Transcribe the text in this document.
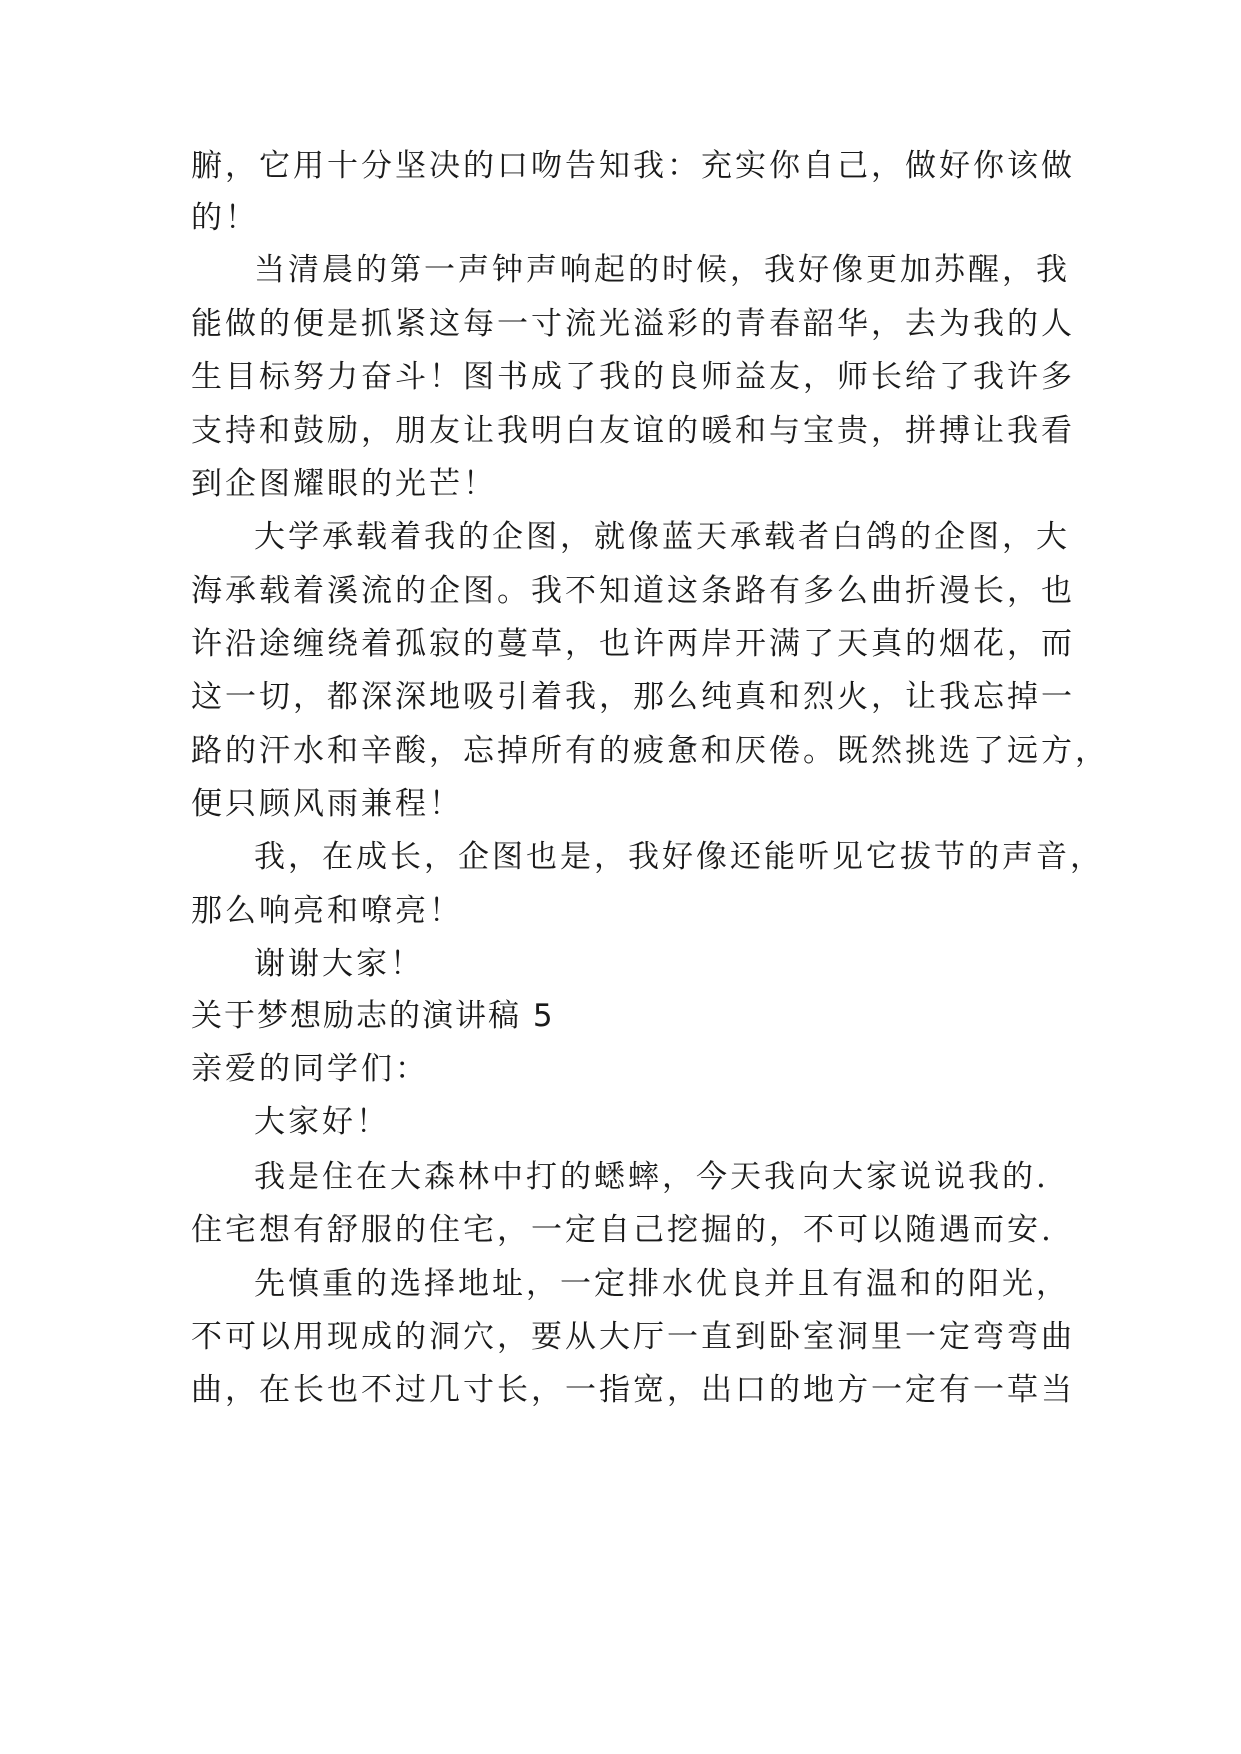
腑，它用十分坚决的口吻告知我：充实你自己，做好你该做
的！
当清晨的第一声钟声响起的时候，我好像更加苏醒，我
能做的便是抓紧这每一寸流光溢彩的青春韶华，去为我的人
生目标努力奋斗！图书成了我的良师益友，师长给了我许多
支持和鼓励，朋友让我明白友谊的暖和与宝贵，拼搏让我看
到企图耀眼的光芒！
大学承载着我的企图，就像蓝天承载者白鸽的企图，大
海承载着溪流的企图。我不知道这条路有多么曲折漫长，也
许沿途缠绕着孤寂的蔓草，也许两岸开满了天真的烟花，而
这一切，都深深地吸引着我，那么纯真和烈火，让我忘掉一
路的汗水和辛酸，忘掉所有的疲惫和厌倦。既然挑选了远方，
便只顾风雨兼程！
我，在成长，企图也是，我好像还能听见它拔节的声音，
那么响亮和嘹亮！
谢谢大家！
关于梦想励志的演讲稿 5
亲爱的同学们：
大家好！
我是住在大森林中打的蟋蟀，今天我向大家说说我的.
住宅想有舒服的住宅，一定自己挖掘的，不可以随遇而安.
先慎重的选择地址，一定排水优良并且有温和的阳光，
不可以用现成的洞穴，要从大厅一直到卧室洞里一定弯弯曲
曲，在长也不过几寸长，一指宽，出口的地方一定有一草当
